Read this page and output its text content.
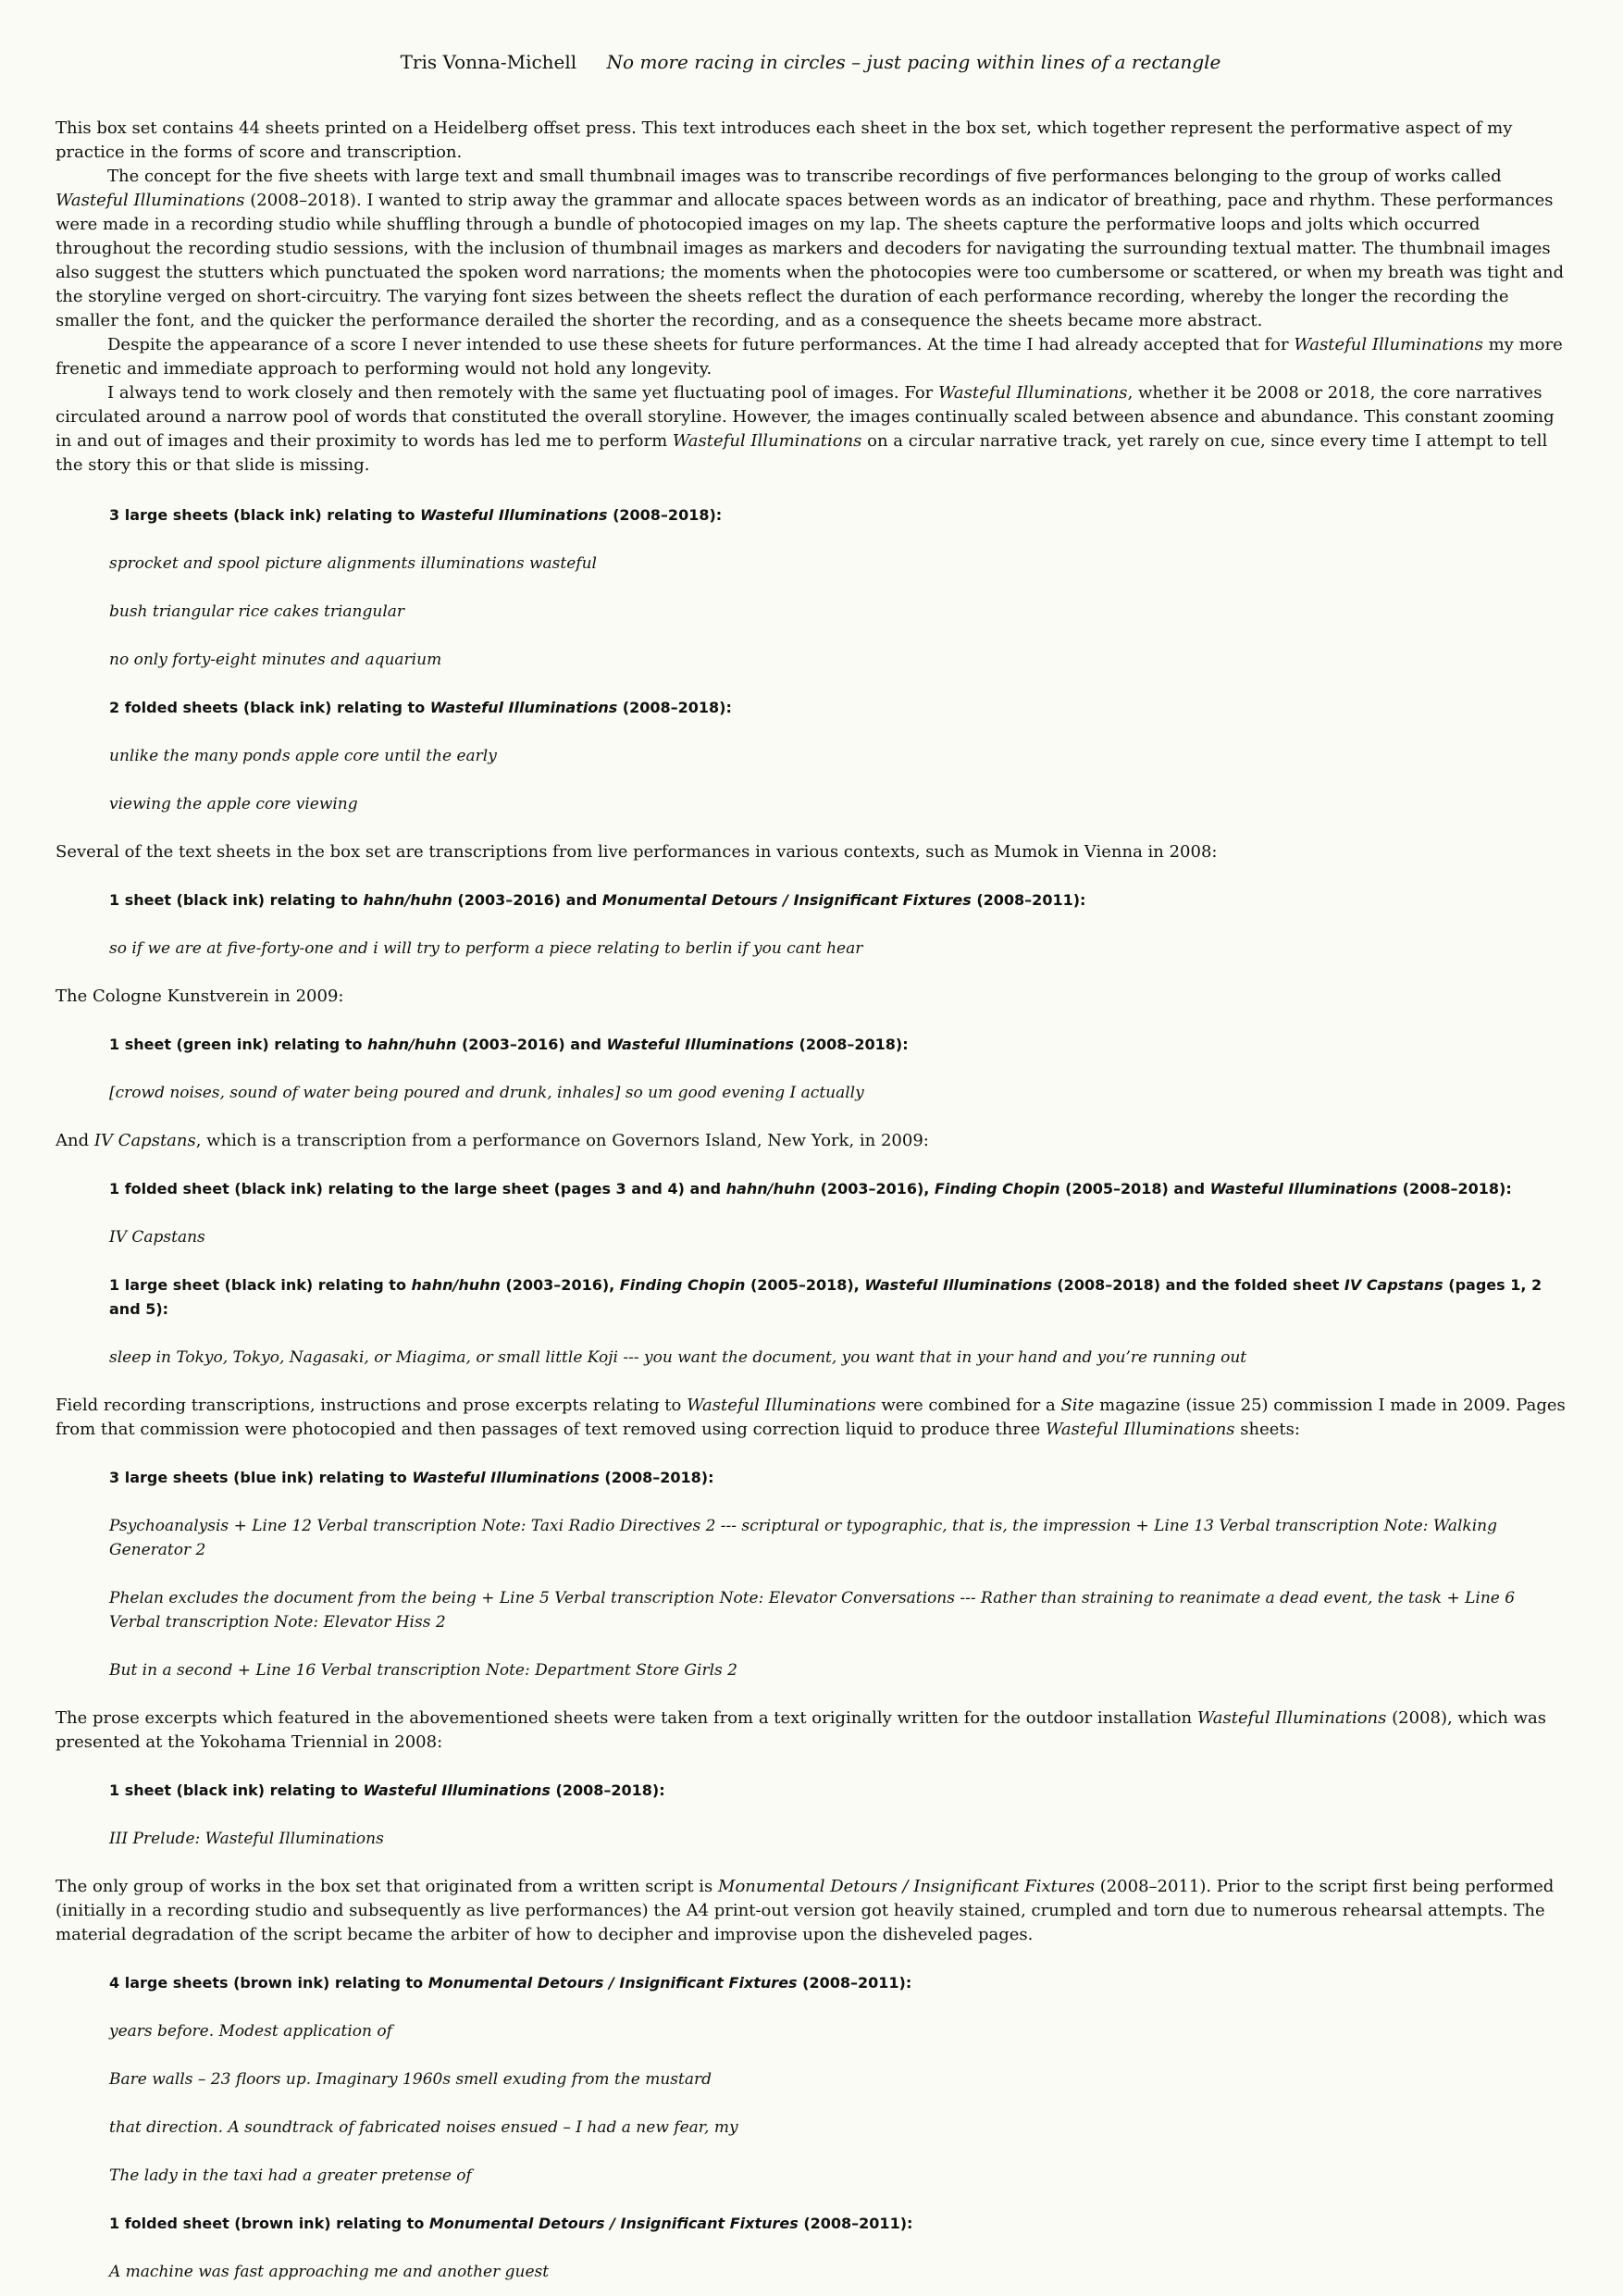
Tris Vonna-Michell No more racing in circles – just pacing within lines of a rectangle

This box set contains 44 sheets printed on a Heidelberg offset press. This text introduces each sheet in the box set, which together represent the performative aspect of my practice in the forms of score and transcription.

The concept for the five sheets with large text and small thumbnail images was to transcribe recordings of five performances belonging to the group of works called Wasteful Illuminations (2008–2018). I wanted to strip away the grammar and allocate spaces between words as an indicator of breathing, pace and rhythm. These performances were made in a recording studio while shuffling through a bundle of photocopied images on my lap. The sheets capture the performative loops and jolts which occurred throughout the recording studio sessions, with the inclusion of thumbnail images as markers and decoders for navigating the surrounding textual matter. The thumbnail images also suggest the stutters which punctuated the spoken word narrations; the moments when the photocopies were too cumbersome or scattered, or when my breath was tight and the storyline verged on short-circuitry. The varying font sizes between the sheets reflect the duration of each performance recording, whereby the longer the recording the smaller the font, and the quicker the performance derailed the shorter the recording, and as a consequence the sheets became more abstract.

Despite the appearance of a score I never intended to use these sheets for future performances. At the time I had already accepted that for Wasteful Illuminations my more frenetic and immediate approach to performing would not hold any longevity.

I always tend to work closely and then remotely with the same yet fluctuating pool of images. For Wasteful Illuminations, whether it be 2008 or 2018, the core narratives circulated around a narrow pool of words that constituted the overall storyline. However, the images continually scaled between absence and abundance. This constant zooming in and out of images and their proximity to words has led me to perform Wasteful Illuminations on a circular narrative track, yet rarely on cue, since every time I attempt to tell the story this or that slide is missing.

3 large sheets (black ink) relating to Wasteful Illuminations (2008–2018):

sprocket and spool picture alignments illuminations wasteful

bush triangular rice cakes triangular

no only forty-eight minutes and aquarium

2 folded sheets (black ink) relating to Wasteful Illuminations (2008–2018):

unlike the many ponds apple core until the early

viewing the apple core viewing

Several of the text sheets in the box set are transcriptions from live performances in various contexts, such as Mumok in Vienna in 2008:

1 sheet (black ink) relating to hahn/huhn (2003–2016) and Monumental Detours / Insignificant Fixtures (2008–2011):

so if we are at five-forty-one and i will try to perform a piece relating to berlin if you cant hear

The Cologne Kunstverein in 2009:

1 sheet (green ink) relating to hahn/huhn (2003–2016) and Wasteful Illuminations (2008–2018):

[crowd noises, sound of water being poured and drunk, inhales] so um good evening I actually

And IV Capstans, which is a transcription from a performance on Governors Island, New York, in 2009:

1 folded sheet (black ink) relating to the large sheet (pages 3 and 4) and hahn/huhn (2003–2016), Finding Chopin (2005–2018) and Wasteful Illuminations (2008–2018):

IV Capstans

1 large sheet (black ink) relating to hahn/huhn (2003–2016), Finding Chopin (2005–2018), Wasteful Illuminations (2008–2018) and the folded sheet IV Capstans (pages 1, 2 and 5):

sleep in Tokyo, Tokyo, Nagasaki, or Miagima, or small little Koji --- you want the document, you want that in your hand and you’re running out

Field recording transcriptions, instructions and prose excerpts relating to Wasteful Illuminations were combined for a Site magazine (issue 25) commission I made in 2009. Pages from that commission were photocopied and then passages of text removed using correction liquid to produce three Wasteful Illuminations sheets:

3 large sheets (blue ink) relating to Wasteful Illuminations (2008–2018):

Psychoanalysis + Line 12 Verbal transcription Note: Taxi Radio Directives 2 --- scriptural or typographic, that is, the impression + Line 13 Verbal transcription Note: Walking Generator 2

Phelan excludes the document from the being + Line 5 Verbal transcription Note: Elevator Conversations --- Rather than straining to reanimate a dead event, the task + Line 6 Verbal transcription Note: Elevator Hiss 2

But in a second + Line 16 Verbal transcription Note: Department Store Girls 2

The prose excerpts which featured in the abovementioned sheets were taken from a text originally written for the outdoor installation Wasteful Illuminations (2008), which was presented at the Yokohama Triennial in 2008:

1 sheet (black ink) relating to Wasteful Illuminations (2008–2018):

III Prelude: Wasteful Illuminations

The only group of works in the box set that originated from a written script is Monumental Detours / Insignificant Fixtures (2008–2011). Prior to the script first being performed (initially in a recording studio and subsequently as live performances) the A4 print-out version got heavily stained, crumpled and torn due to numerous rehearsal attempts. The material degradation of the script became the arbiter of how to decipher and improvise upon the disheveled pages.

4 large sheets (brown ink) relating to Monumental Detours / Insignificant Fixtures (2008–2011):

years before. Modest application of

Bare walls – 23 floors up. Imaginary 1960s smell exuding from the mustard

that direction. A soundtrack of fabricated noises ensued – I had a new fear, my

The lady in the taxi had a greater pretense of

1 folded sheet (brown ink) relating to Monumental Detours / Insignificant Fixtures (2008–2011):

A machine was fast approaching me and another guest
